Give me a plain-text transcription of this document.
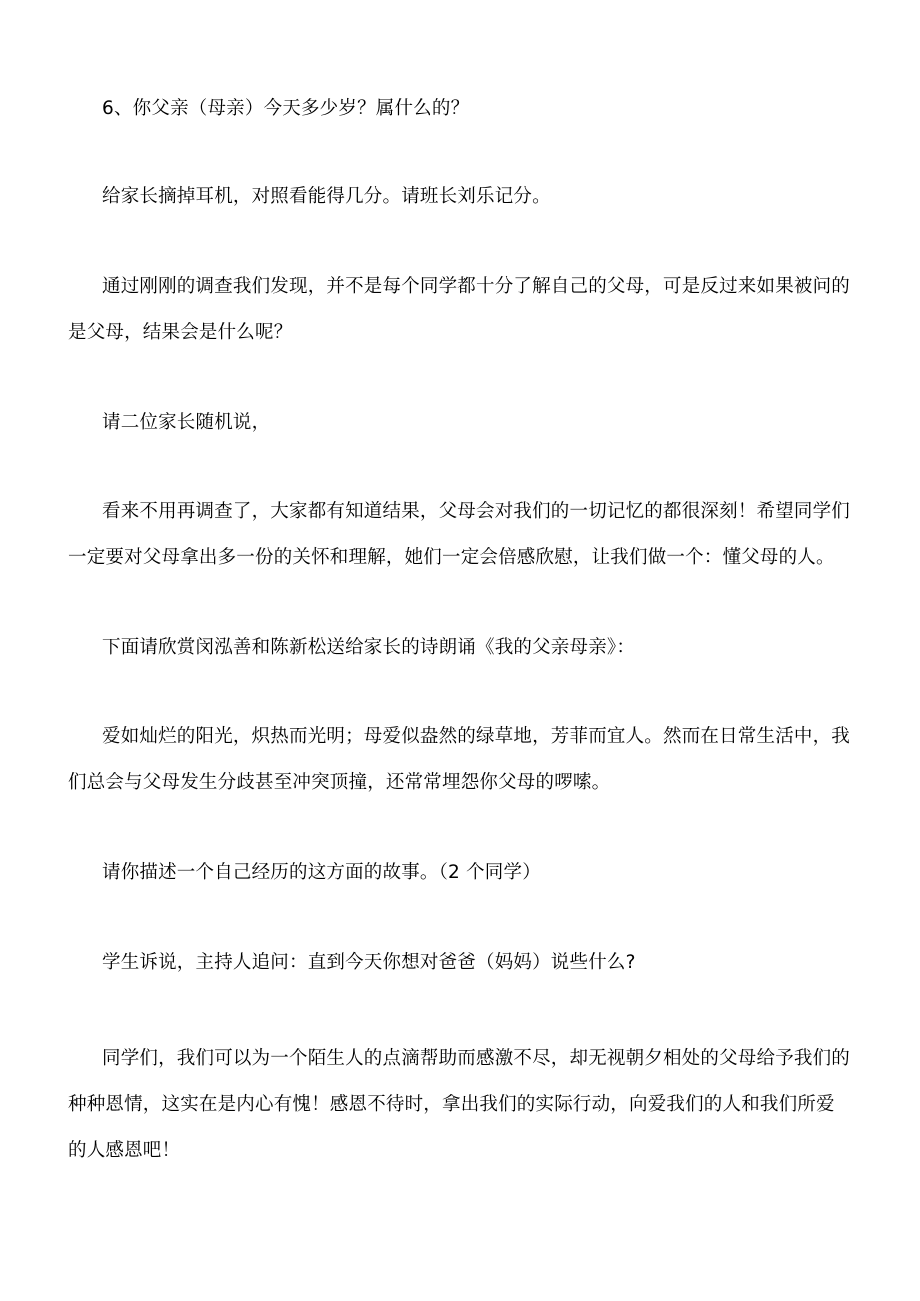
6、你父亲（母亲）今天多少岁？属什么的？

给家长摘掉耳机，对照看能得几分。请班长刘乐记分。

通过刚刚的调查我们发现，并不是每个同学都十分了解自己的父母，可是反过来如果被问的是父母，结果会是什么呢？

请二位家长随机说，

看来不用再调查了，大家都有知道结果，父母会对我们的一切记忆的都很深刻！希望同学们一定要对父母拿出多一份的关怀和理解，她们一定会倍感欣慰，让我们做一个：懂父母的人。

下面请欣赏闵泓善和陈新松送给家长的诗朗诵《我的父亲母亲》：

爱如灿烂的阳光，炽热而光明；母爱似盎然的绿草地，芳菲而宜人。然而在日常生活中，我们总会与父母发生分歧甚至冲突顶撞，还常常埋怨你父母的啰嗦。

请你描述一个自己经历的这方面的故事。（2 个同学）

学生诉说，主持人追问：直到今天你想对爸爸（妈妈）说些什么?

同学们，我们可以为一个陌生人的点滴帮助而感激不尽，却无视朝夕相处的父母给予我们的种种恩情，这实在是内心有愧！感恩不待时，拿出我们的实际行动，向爱我们的人和我们所爱的人感恩吧！
